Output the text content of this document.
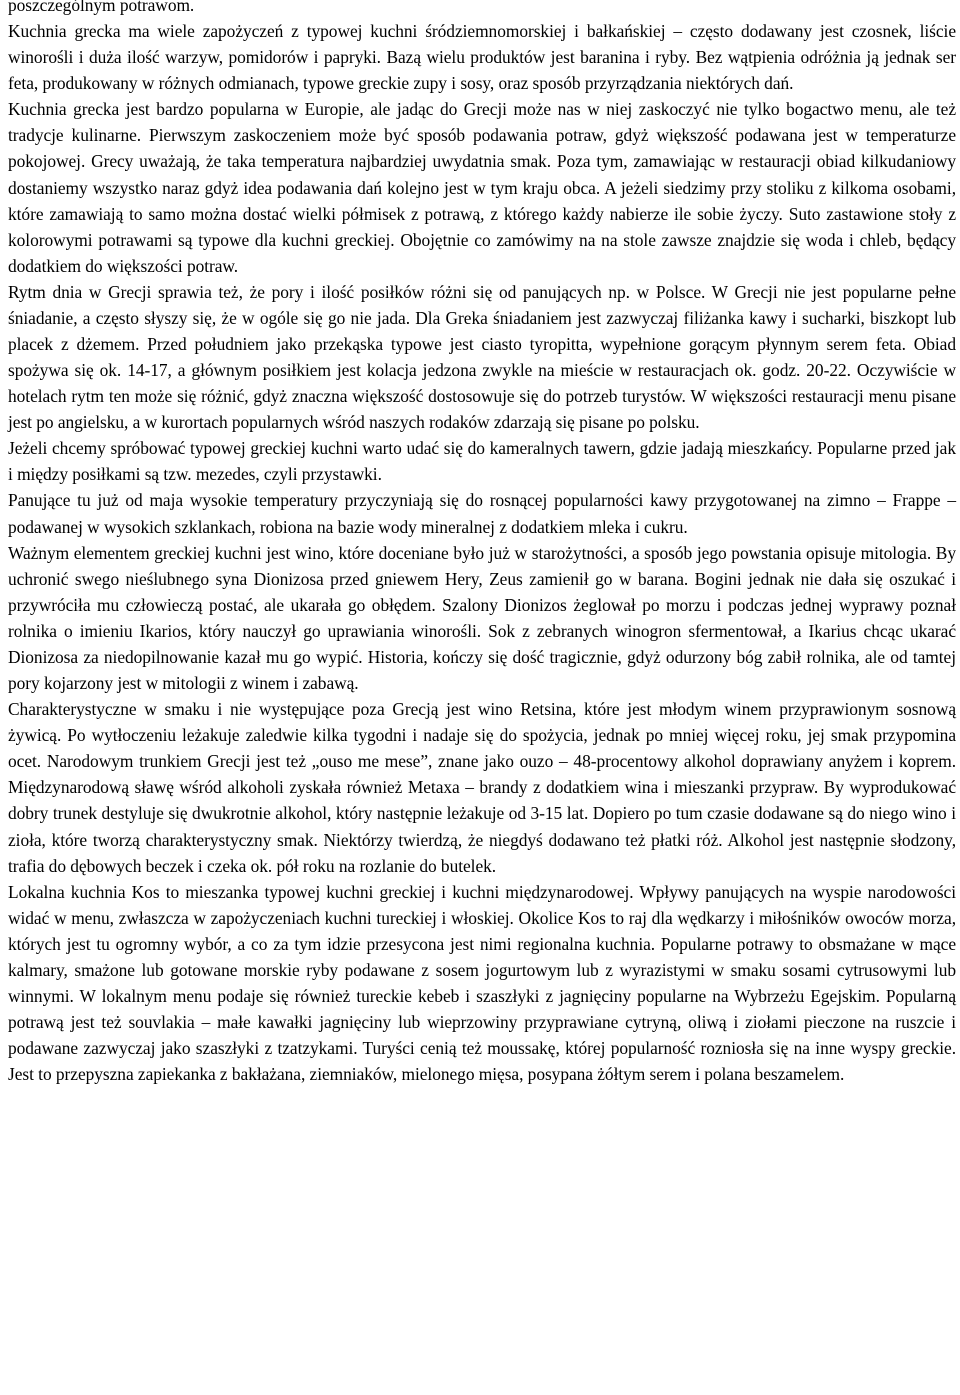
poszczególnym potrawom.

Kuchnia grecka ma wiele zapożyczeń z typowej kuchni śródziemnomorskiej i bałkańskiej – często dodawany jest czosnek, liście winorośli i duża ilość warzyw, pomidorów i papryki. Bazą wielu produktów jest baranina i ryby. Bez wątpienia odróżnia ją jednak ser feta, produkowany w różnych odmianach, typowe greckie zupy i sosy, oraz sposób przyrządzania niektórych dań.

Kuchnia grecka jest bardzo popularna w Europie, ale jadąc do Grecji może nas w niej zaskoczyć nie tylko bogactwo menu, ale też tradycje kulinarne. Pierwszym zaskoczeniem może być sposób podawania potraw, gdyż większość podawana jest w temperaturze pokojowej. Grecy uważają, że taka temperatura najbardziej uwydatnia smak. Poza tym, zamawiając w restauracji obiad kilkudaniowy dostaniemy wszystko naraz gdyż idea podawania dań kolejno jest w tym kraju obca. A jeżeli siedzimy przy stoliku z kilkoma osobami, które zamawiają to samo można dostać wielki półmisek z potrawą, z którego każdy nabierze ile sobie życzy. Suto zastawione stoły z kolorowymi potrawami są typowe dla kuchni greckiej. Obojętnie co zamówimy na na stole zawsze znajdzie się woda i chleb, będący dodatkiem do większości potraw.

Rytm dnia w Grecji sprawia też, że pory i ilość posiłków różni się od panujących np. w Polsce. W Grecji nie jest popularne pełne śniadanie, a często słyszy się, że w ogóle się go nie jada. Dla Greka śniadaniem jest zazwyczaj filiżanka kawy i sucharki, biszkopt lub placek z dżemem. Przed południem jako przekąska typowe jest ciasto tyropitta, wypełnione gorącym płynnym serem feta. Obiad spożywa się ok. 14-17, a głównym posiłkiem jest kolacja jedzona zwykle na mieście w restauracjach ok. godz. 20-22. Oczywiście w hotelach rytm ten może się różnić, gdyż znaczna większość dostosowuje się do potrzeb turystów. W większości restauracji menu pisane jest po angielsku, a w kurortach popularnych wśród naszych rodaków zdarzają się pisane po polsku.

Jeżeli chcemy spróbować typowej greckiej kuchni warto udać się do kameralnych tawern, gdzie jadają mieszkańcy. Popularne przed jak i między posiłkami są tzw. mezedes, czyli przystawki.

Panujące tu już od maja wysokie temperatury przyczyniają się do rosnącej popularności kawy przygotowanej na zimno – Frappe – podawanej w wysokich szklankach, robiona na bazie wody mineralnej z dodatkiem mleka i cukru.

Ważnym elementem greckiej kuchni jest wino, które doceniane było już w starożytności, a sposób jego powstania opisuje mitologia. By uchronić swego nieślubnego syna Dionizosa przed gniewem Hery, Zeus zamienił go w barana. Bogini jednak nie dała się oszukać i przywróciła mu człowieczą postać, ale ukarała go obłędem. Szalony Dionizos żeglował po morzu i podczas jednej wyprawy poznał rolnika o imieniu Ikarios, który nauczył go uprawiania winorośli. Sok z zebranych winogron sfermentował, a Ikarius chcąc ukarać Dionizosa za niedopilnowanie kazał mu go wypić. Historia, kończy się dość tragicznie, gdyż odurzony bóg zabił rolnika, ale od tamtej pory kojarzony jest w mitologii z winem i zabawą.

Charakterystyczne w smaku i nie występujące poza Grecją jest wino Retsina, które jest młodym winem przyprawionym sosnową żywicą. Po wytłoczeniu leżakuje zaledwie kilka tygodni i nadaje się do spożycia, jednak po mniej więcej roku, jej smak przypomina ocet. Narodowym trunkiem Grecji jest też „ouso me mese”, znane jako ouzo – 48-procentowy alkohol doprawiany anyżem i koprem. Międzynarodową sławę wśród alkoholi zyskała również Metaxa – brandy z dodatkiem wina i mieszanki przypraw. By wyprodukować dobry trunek destyluje się dwukrotnie alkohol, który następnie leżakuje od 3-15 lat. Dopiero po tum czasie dodawane są do niego wino i zioła, które tworzą charakterystyczny smak. Niektórzy twierdzą, że niegdyś dodawano też płatki róż. Alkohol jest następnie słodzony, trafia do dębowych beczek i czeka ok. pół roku na rozlanie do butelek.

Lokalna kuchnia Kos to mieszanka typowej kuchni greckiej i kuchni międzynarodowej. Wpływy panujących na wyspie narodowości widać w menu, zwłaszcza w zapożyczeniach kuchni tureckiej i włoskiej. Okolice Kos to raj dla wędkarzy i miłośników owoców morza, których jest tu ogromny wybór, a co za tym idzie przesycona jest nimi regionalna kuchnia. Popularne potrawy to obsmażane w mące kalmary, smażone lub gotowane morskie ryby podawane z sosem jogurtowym lub z wyrazistymi w smaku sosami cytrusowymi lub winnymi. W lokalnym menu podaje się również tureckie kebeb i szaszłyki z jagnięciny popularne na Wybrzeżu Egejskim. Popularną potrawą jest też souvlakia – małe kawałki jagnięciny lub wieprzowiny przyprawiane cytryną, oliwą i ziołami pieczone na ruszcie i podawane zazwyczaj jako szaszłyki z tzatzykami. Turyści cenią też moussakę, której popularność rozniosła się na inne wyspy greckie. Jest to przepyszna zapiekanka z bakłażana, ziemniaków, mielonego mięsa, posypana żółtym serem i polana beszamelem.
